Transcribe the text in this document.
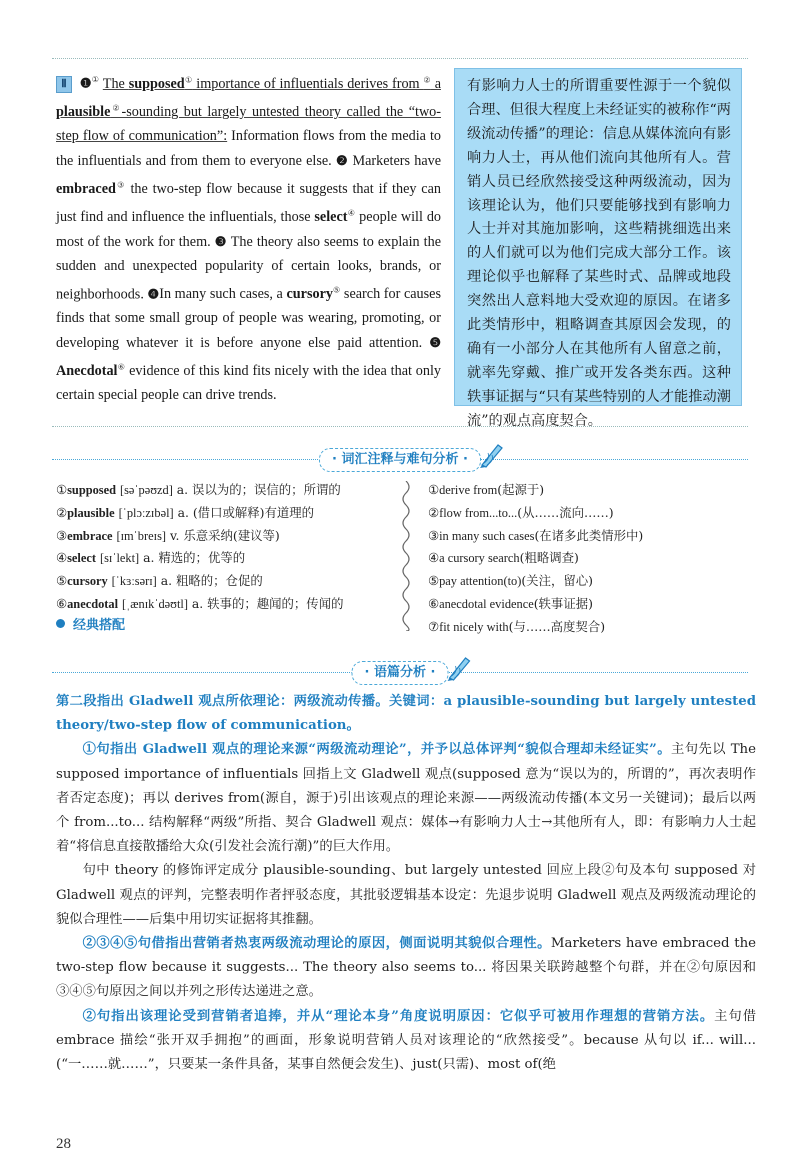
Ⅱ ❶① The supposed① importance of influentials derives from ② a plausible②-sounding but largely untested theory called the “two-step flow of communication”: Information flows from the media to the influentials and from them to everyone else. ❷ Marketers have embraced③ the two-step flow because it suggests that if they can just find and influence the influentials, those select④ people will do most of the work for them. ❸ The theory also seems to explain the sudden and unexpected popularity of certain looks, brands, or neighborhoods. ❹In many such cases, a cursory⑤ search for causes finds that some small group of people was wearing, promoting, or developing whatever it is before anyone else paid attention. ❺ Anecdotal⑥ evidence of this kind fits nicely with the idea that only certain special people can drive trends.
有影响力人士的所谓重要性源于一个貌似合理、但很大程度上未经证实的被称作“两级流动传播”的理论：信息从媒体流向有影响力人士，再从他们流向其他所有人。营销人员已经欣然接受这种两级流动，因为该理论认为，他们只要能够找到有影响力人士并对其施加影响，这些精挑细选出来的人们就可以为他们完成大部分工作。该理论似乎也解释了某些时式、品牌或地段突然出人意料地大受欢迎的原因。在诸多此类情形中，粗略调查其原因会发现，的确有一小部分人在其他所有人留意之前，就率先穿戴、推广或开发各类东西。这种轶事证据与“只有某些特别的人才能推动潮流”的观点高度契合。
· 词汇注释与难句分析 ·
①supposed [səˈpəʊzd] a. 误以为的；误信的；所谓的
②plausible [ˈplɔːzɪbəl] a. (借口或解释)有道理的
③embrace [ɪmˈbreɪs] v. 乐意采纳(建议等)
④select [sɪˈlekt] a. 精选的；优等的
⑤cursory [ˈkɜːsərɪ] a. 粗略的；仓促的
⑥anecdotal [ˌænɪkˈdəʊtl] a. 轶事的；趣闻的；传闻的
①derive from(起源于)
②flow from...to...(从……流向……)
③in many such cases(在诸多此类情形中)
④a cursory search(粗略调查)
⑤pay attention(to)(关注，留心)
⑥anecdotal evidence(轶事证据)
⑦fit nicely with(与……高度契合)
经典搭配
· 语篇分析 ·

第二段指出 Gladwell 观点所依理论：两级流动传播。关键词：a plausible-sounding but largely untested theory/two-step flow of communication。

①句指出 Gladwell 观点的理论来源“两级流动理论”，并予以总体评判“貌似合理却未经证实”。主句先以 The supposed importance of influentials 回指上文 Gladwell 观点(supposed 意为“误以为的，所谓的”，再次表明作者否定态度)；再以 derives from(源自，源于)引出该观点的理论来源——两级流动传播(本文另一关键词)；最后以两个 from...to... 结构解释“两级”所指、契合 Gladwell 观点：媒体→有影响力人士→其他所有人，即：有影响力人士起着“将信息直接散播给大众(引发社会流行潮)”的巨大作用。

句中 theory 的修饰评定成分 plausible-sounding、but largely untested 回应上段②句及本句 supposed 对 Gladwell 观点的评判，完整表明作者抨驳态度，其批驳逻辑基本设定：先退步说明 Gladwell 观点及两级流动理论的貌似合理性——后集中用切实证据将其推翻。

②③④⑤句借指出营销者热衷两级流动理论的原因，侧面说明其貌似合理性。Marketers have embraced the two-step flow because it suggests... The theory also seems to... 将因果关联跨越整个句群，并在②句原因和③④⑤句原因之间以并列之形传达递进之意。

②句指出该理论受到营销者追捧，并从“理论本身”角度说明原因：它似乎可被用作理想的营销方法。主句借 embrace 描绘“张开双手拥抱”的画面，形象说明营销人员对该理论的“欣然接受”。because 从句以 if... will...(“一……就……”，只要某一条件具备，某事自然便会发生)、just(只需)、most of(绝

28
